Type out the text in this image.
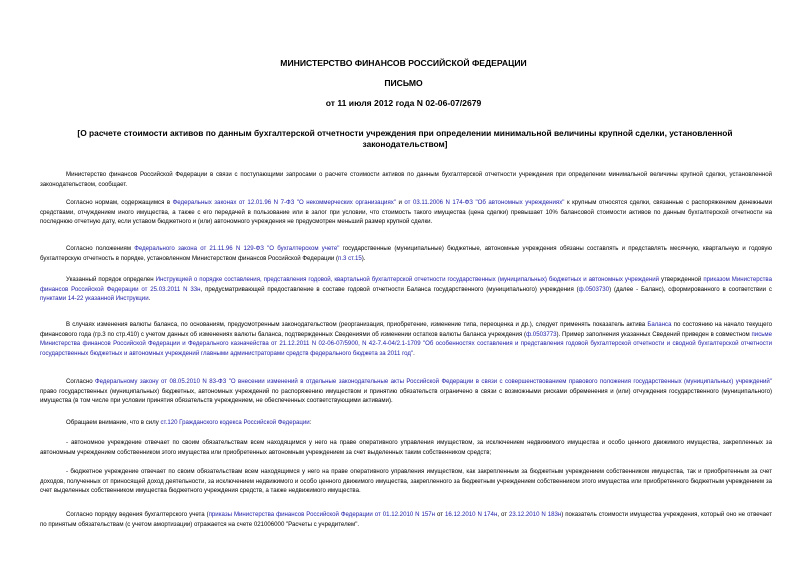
МИНИСТЕРСТВО ФИНАНСОВ РОССИЙСКОЙ ФЕДЕРАЦИИ
ПИСЬМО
от 11 июля 2012 года N 02-06-07/2679
[О расчете стоимости активов по данным бухгалтерской отчетности учреждения при определении минимальной величины крупной сделки, установленной законодательством]

Министерство финансов Российской Федерации в связи с поступающими запросами о расчете стоимости активов по данным бухгалтерской отчетности учреждения при определении минимальной величины крупной сделки, установленной законодательством, сообщает.

Согласно нормам, содержащимся в Федеральных законах от 12.01.96 N 7-ФЗ "О некоммерческих организациях" и от 03.11.2006 N 174-ФЗ "Об автономных учреждениях" к крупным относятся сделки, связанные с распоряжением денежными средствами, отчуждением иного имущества, а также с его передачей в пользование или в залог при условии, что стоимость такого имущества (цена сделки) превышает 10% балансовой стоимости активов по данным бухгалтерской отчетности на последнюю отчетную дату, если уставом бюджетного и (или) автономного учреждения не предусмотрен меньший размер крупной сделки.

Согласно положениям Федерального закона от 21.11.96 N 129-ФЗ "О бухгалтерском учете" государственные (муниципальные) бюджетные, автономные учреждения обязаны составлять и представлять месячную, квартальную и годовую бухгалтерскую отчетность в порядке, установленном Министерством финансов Российской Федерации (п.3 ст.15).

Указанный порядок определен Инструкцией о порядке составления, представления годовой, квартальной бухгалтерской отчетности государственных (муниципальных) бюджетных и автономных учреждений утвержденной приказом Министерства финансов Российской Федерации от 25.03.2011 N 33н, предусматривающей предоставление в составе годовой отчетности Баланса государственного (муниципального) учреждения (ф.0503730) (далее - Баланс), сформированного в соответствии с пунктами 14-22 указанной Инструкции.

В случаях изменения валюты баланса, по основаниям, предусмотренным законодательством (реорганизация, приобретение, изменение типа, переоценка и др.), следует применять показатель актива Баланса по состоянию на начало текущего финансового года (гр.3 по стр.410) с учетом данных об изменениях валюты баланса, подтвержденных Сведениями об изменении остатков валюты баланса учреждения (ф.0503773). Пример заполнения указанных Сведений приведен в совместном письме Министерства финансов Российской Федерации и Федерального казначейства от 21.12.2011 N 02-06-07/5900, N 42-7.4-04/2.1-1709 "Об особенностях составления и представления годовой бухгалтерской отчетности и сводной бухгалтерской отчетности государственных бюджетных и автономных учреждений главными администраторами средств федерального бюджета за 2011 год".

Согласно Федеральному закону от 08.05.2010 N 83-ФЗ "О внесении изменений в отдельные законодательные акты Российской Федерации в связи с совершенствованием правового положения государственных (муниципальных) учреждений" право государственных (муниципальных) бюджетных, автономных учреждений по распоряжению имуществом и принятию обязательств ограничено в связи с возможными рисками обременения и (или) отчуждения государственного (муниципального) имущества (в том числе при условии принятия обязательств учреждением, не обеспеченных соответствующими активами).

Обращаем внимание, что в силу ст.120 Гражданского кодекса Российской Федерации:

- автономное учреждение отвечает по своим обязательствам всем находящимся у него на праве оперативного управления имуществом, за исключением недвижимого имущества и особо ценного движимого имущества, закрепленных за автономным учреждением собственником этого имущества или приобретенных автономным учреждением за счет выделенных таким собственником средств;

- бюджетное учреждение отвечает по своим обязательствам всем находящимся у него на праве оперативного управления имуществом, как закрепленным за бюджетным учреждением собственником имущества, так и приобретенным за счет доходов, полученных от приносящей доход деятельности, за исключением недвижимого и особо ценного движимого имущества, закрепленного за бюджетным учреждением собственником этого имущества или приобретенного бюджетным учреждением за счет выделенных собственником имущества бюджетного учреждения средств, а также недвижимого имущества.

Согласно порядку ведения бухгалтерского учета (приказы Министерства финансов Российской Федерации от 01.12.2010 N 157н от 16.12.2010 N 174н, от 23.12.2010 N 183н) показатель стоимости имущества учреждения, который оно не отвечает по принятым обязательствам (с учетом амортизации) отражается на счете 021006000 "Расчеты с учредителем".
